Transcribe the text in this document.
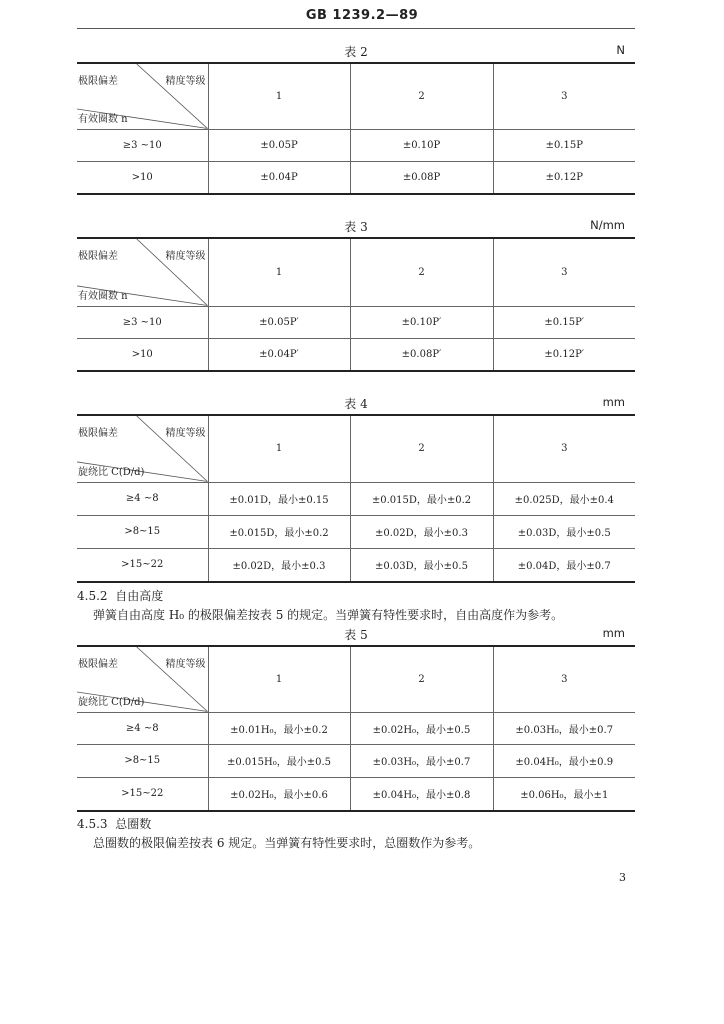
GB 1239.2—89
表 2	N
极限偏差 精度等级
有效圈数 n	1	2	3
≥3 ~10	±0.05P	±0.10P	±0.15P
>10	±0.04P	±0.08P	±0.12P
表 3	N/mm
极限偏差 精度等级
有效圈数 n	1	2	3
≥3 ~10	±0.05P′	±0.10P′	±0.15P′
>10	±0.04P′	±0.08P′	±0.12P′
表 4	mm
极限偏差 精度等级
旋绕比 C(D/d)	1	2	3
≥4 ~8	±0.01D，最小±0.15	±0.015D，最小±0.2	±0.025D，最小±0.4
>8~15	±0.015D，最小±0.2	±0.02D，最小±0.3	±0.03D，最小±0.5
>15~22	±0.02D，最小±0.3	±0.03D，最小±0.5	±0.04D，最小±0.7
4.5.2 自由高度
弹簧自由高度 H₀ 的极限偏差按表 5 的规定。当弹簧有特性要求时，自由高度作为参考。
表 5	mm
极限偏差 精度等级
旋绕比 C(D/d)	1	2	3
≥4 ~8	±0.01H₀，最小±0.2	±0.02H₀，最小±0.5	±0.03H₀，最小±0.7
>8~15	±0.015H₀，最小±0.5	±0.03H₀，最小±0.7	±0.04H₀，最小±0.9
>15~22	±0.02H₀，最小±0.6	±0.04H₀，最小±0.8	±0.06H₀，最小±1
4.5.3 总圈数
总圈数的极限偏差按表 6 规定。当弹簧有特性要求时，总圈数作为参考。
3
